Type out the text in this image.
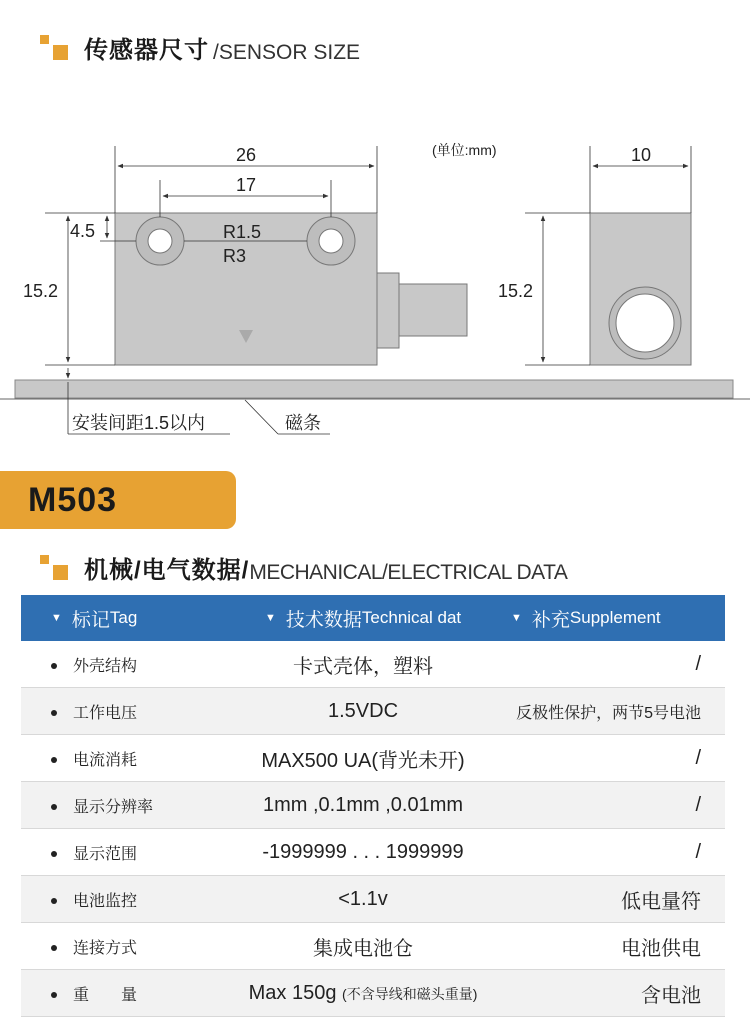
传感器尺寸 /SENSOR SIZE
26
17
4.5	R1.5
R3
15.2
安装间距1.5以内	磁条
(单位:mm)	10
15.2
M503
机械/电气数据 / MECHANICAL/ELECTRICAL DATA
▼ 标记 Tag	▼ 技术数据 Technical dat	▼ 补充 Supplement

外壳结构	卡式壳体，塑料	/
工作电压	1.5VDC	反极性保护，两节5号电池
电流消耗	MAX500 UA(背光未开)	/
显示分辨率	1mm ,0.1mm ,0.01mm	/
显示范围	-1999999 . . . 1999999	/
电池监控	<1.1v	低电量符
连接方式	集成电池仓	电池供电
重　　量	Max 150g (不含导线和磁头重量)	含电池
